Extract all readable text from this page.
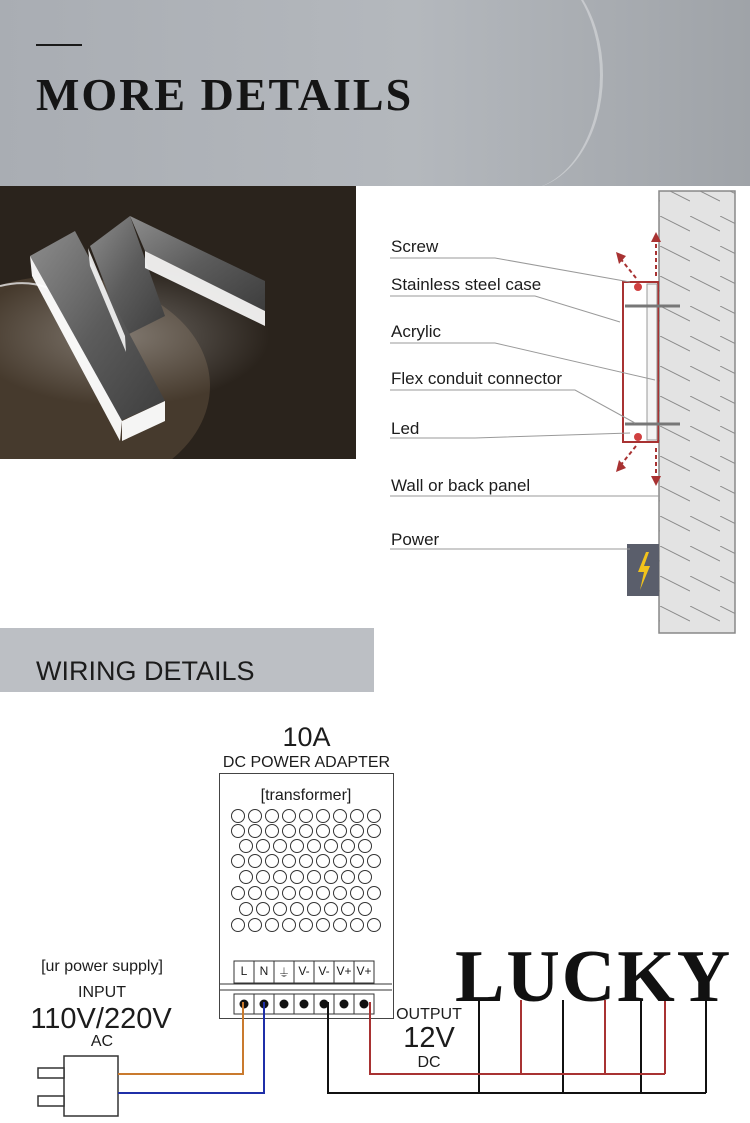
MORE DETAILS
Screw
Stainless steel case
Acrylic
Flex conduit connector
Led
Wall or back panel
Power
WIRING DETAILS
10A
DC POWER ADAPTER
[transformer]
L	N ⏚ V- V- V+ V+ LUCKY
[ur power supply]
INPUT
110V/220V
AC
OUTPUT
12V
DC
